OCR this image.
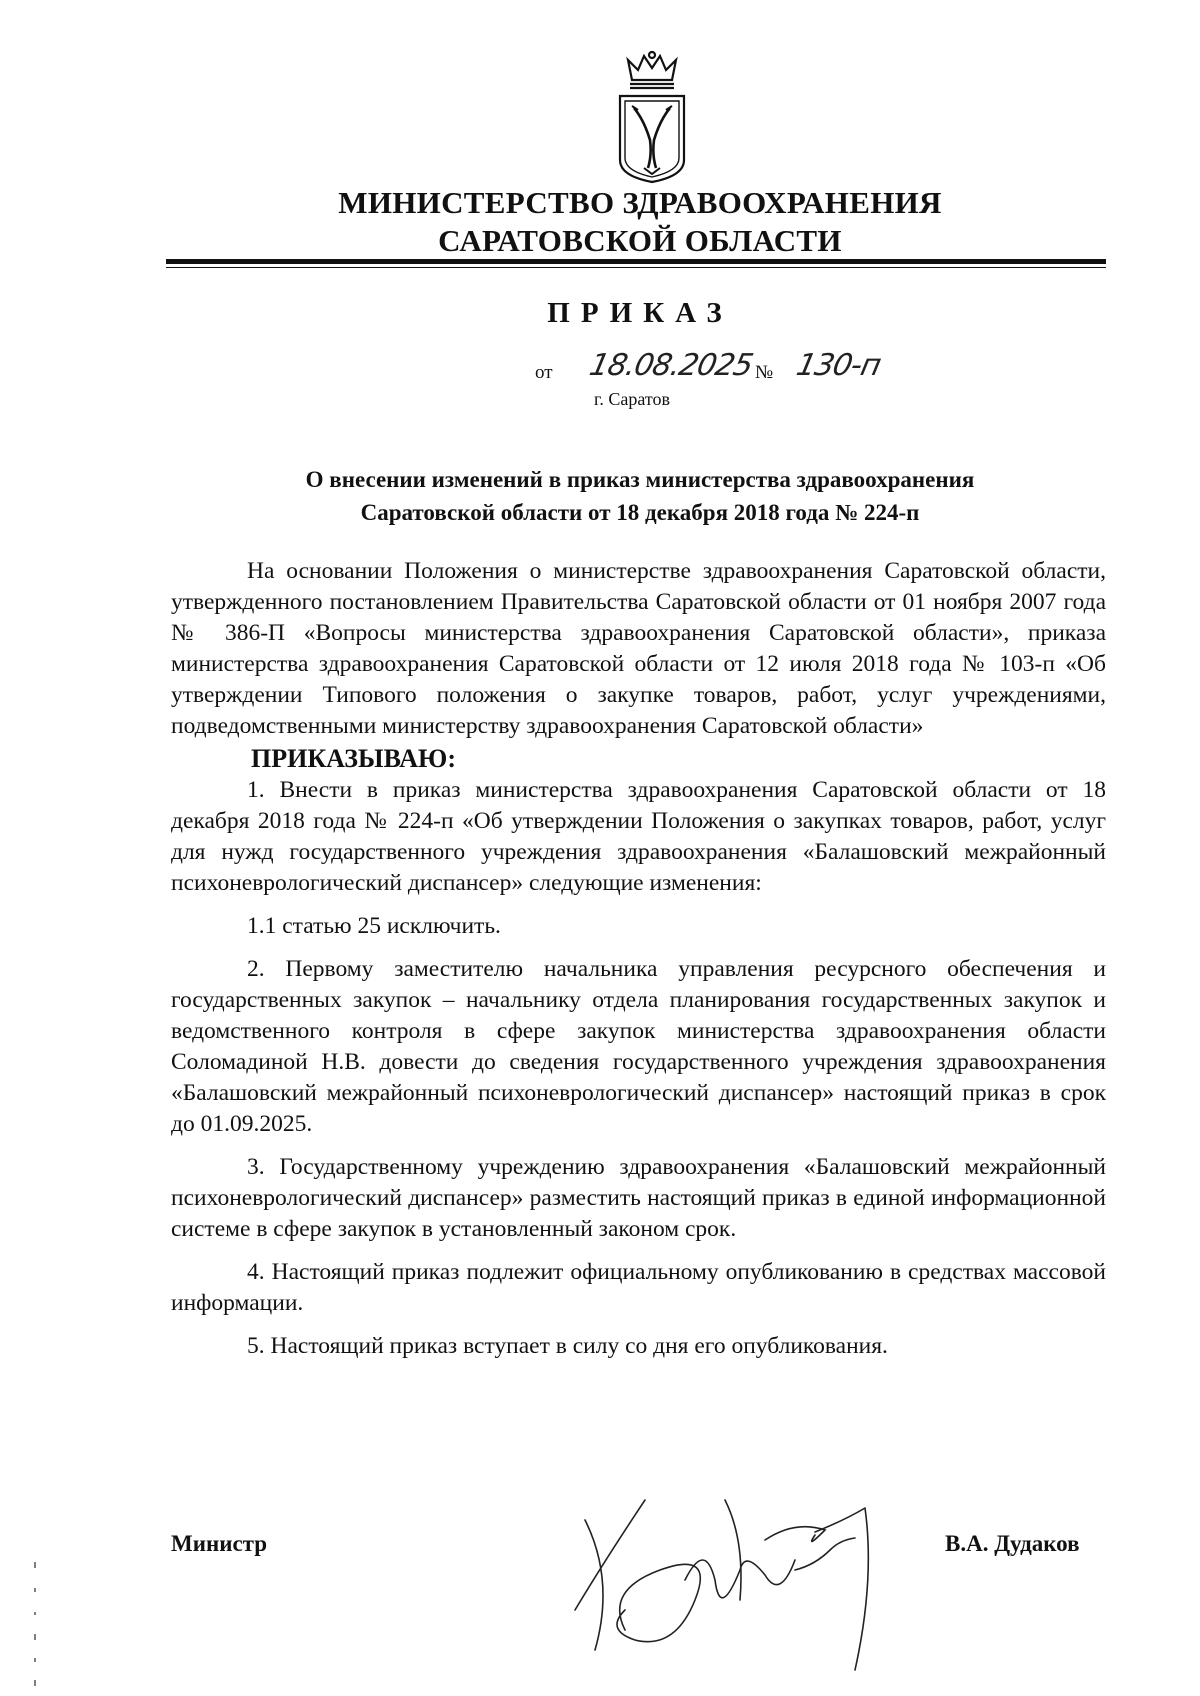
МИНИСТЕРСТВО ЗДРАВООХРАНЕНИЯ
САРАТОВСКОЙ ОБЛАСТИ
ПРИКАЗ
от 18.08.2025 № 130-п
г. Саратов
О внесении изменений в приказ министерства здравоохранения
Саратовской области от 18 декабря 2018 года № 224-п

На основании Положения о министерстве здравоохранения Саратовской области, утвержденного постановлением Правительства Саратовской области от 01 ноября 2007 года № 386-П «Вопросы министерства здравоохранения Саратовской области», приказа министерства здравоохранения Саратовской области от 12 июля 2018 года № 103-п «Об утверждении Типового положения о закупке товаров, работ, услуг учреждениями, подведомственными министерству здравоохранения Саратовской области»

ПРИКАЗЫВАЮ:

1. Внести в приказ министерства здравоохранения Саратовской области от 18 декабря 2018 года № 224-п «Об утверждении Положения о закупках товаров, работ, услуг для нужд государственного учреждения здравоохранения «Балашовский межрайонный психоневрологический диспансер» следующие изменения:

1.1 статью 25 исключить.

2. Первому заместителю начальника управления ресурсного обеспечения и государственных закупок – начальнику отдела планирования государственных закупок и ведомственного контроля в сфере закупок министерства здравоохранения области Соломадиной Н.В. довести до сведения государственного учреждения здравоохранения «Балашовский межрайонный психоневрологический диспансер» настоящий приказ в срок до 01.09.2025.

3. Государственному учреждению здравоохранения «Балашовский межрайонный психоневрологический диспансер» разместить настоящий приказ в единой информационной системе в сфере закупок в установленный законом срок.

4. Настоящий приказ подлежит официальному опубликованию в средствах массовой информации.

5. Настоящий приказ вступает в силу со дня его опубликования.

Министр	В.А. Дудаков
